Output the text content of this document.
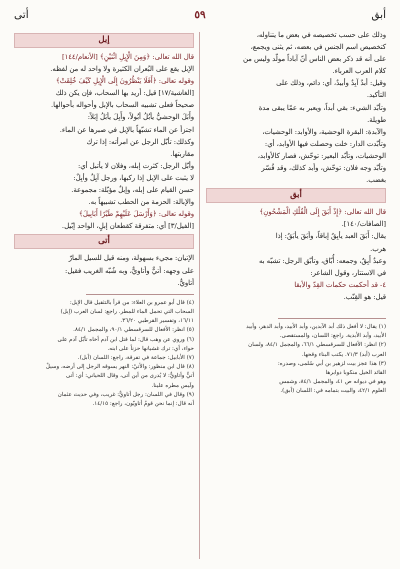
أبق
٥٩
أتى

وذلك على حسب تخصيصه في بعض ما يتناوله،

كتخصيص اسم الجنس في بعضه، ثم يثنى ويجمع،

على أنه قد ذكر بعض الناس أنّ آباداً مولّد وليس من

كلام العرب العرباء.

وقيل: أبدٌ آبِدٌ وأبيدٌ، أي: دائم، وذلك على

التأكيد.

وتأبّد الشيء: بقي أبداً، ويعبر به عمّا يبقى مدة

طويلة.

والآبدة: البقرة الوحشية، والأوابد: الوحشيات،

وتأبّدت الدار: خلت وحصلت فيها الأوابد، أي:

الوحشيات، وتأبّد البعير: توحّش، فصار كالأوابد،

وتأبّد وجه فلان: توحّش، وأبد كذلك، وقد فُسّر

بغضب.

أبق

قال الله تعالى: ﴿إِذْ أَبَقَ إِلَى الْفُلْكِ الْمَشْحُونِ﴾

[الصافات/١٤٠].

يقال: أَبَقَ العبد يأبِقُ إباقاً، وأبَقَ يأبَقُ: إذا

هرب.

وعبدٌ أَبِقٌ، وجمعه: أُبّاق، وتأبّق الرجل: تشبّه به

في الاستتار، وقول الشاعر:

٤- قد أحكمت حكمات القِدّ والأبقا

قيل: هو القِنّب.

(١) يقال: لا أفعل ذلك أبد الآبدين، وأبد الأبيد، وأبد الدهر، وأبيد

الأبيد، وأبد الأبدية. راجع: اللسان، والمستقصى.

(٢) انظر: الأفعال للسرقسطي ٦٦/١، والمجمل ٨٤/١، ولسان

العرب (أبد) ٧١/٣. يكتب البناء وقحها.

(٣) هذا عجز بيت لزهير بن أبي سُلمى، وصدره:

القائد الخيل منكوبا دوابرها

وهو في ديوانه ص ٤١، والمجمل ٨٤/١، وشمس

العلوم ٤٢/١، والبيت بتمامه في: اللسان (أبق).

إبل

قال الله تعالى: ﴿وَمِنَ الْإِبِلِ اثْنَيْنِ﴾ [الأنعام/١٤٤]

الإبل يقع على البُعران الكثيرة ولا واحد له من لفظه.

وقوله تعالى: ﴿أَفَلَا يَنْظُرُونَ إِلَى الْإِبِلِ كَيْفَ خُلِقَتْ﴾

[الغاشية/١٧] قيل: أريد بها السحاب، فإن يكن ذلك

صحيحاً فعلى تشبيه السحاب بالإبل وأحواله بأحوالها.

وأَبَلَ الوحشيُّ يأبُلُ أبُولاً، وأَبِلَ يأبَلُ إبَلاً:

اجتزأ عن الماء تشبّهاً بالإبل في صبرها عن الماء.

وكذلك: تأبّل الرجل عن امرأته: إذا ترك

مقاربتها.

وأبّل الرجل: كثرت إبله، وفلان لا يأتبل أي:

لا يثبت على الإبل إذا ركبها، ورجل آبِلٌ وأبِلٌ:

حسن القيام على إبله، وإبلٌ مؤبّلة: مجموعة.

والإبالة: الحزمة من الحطب تشبيهاً به.

وقوله تعالى: ﴿وَأَرْسَلَ عَلَيْهِمْ طَيْرًا أَبَابِيلَ﴾

[الفيل/٣] أي: متفرقة كقطعان إبلٍ، الواحد إبّيل.

أتى

الإتيان: مجيء بسهولة، ومنه قيل للسيل المارّ

على وجهه: أتيٌّ وأتاويٌّ، وبه شُبّه الغريب فقيل:

أتاويٌّ.

(٤) قال أبو عمرو بن العلاء: من قرأ بالتثقيل قال الإبل:

السحاب التي تحمل الماء للمطر. راجع: لسان العرب (إبل)

١٦/١١، وتفسير القرطبي ٣٦/٢٠.

(٥) انظر: الأفعال للسرقسطي ٩٠/١، والمجمل ٨٤/١.

(٦) وروي عن وهب قال: لما قتل ابن آدم أخاه تأبّل آدم على

حواء، أي: ترك غشيانها حزناً على ابنه.

(٧) الأبابيل: جماعة في تفرقة، راجع: اللسان (أبل).

(٨) قال ابن منظور: والأتيّ: النهر يسوقه الرجل إلى أرضه، وسيلٌ

أتيٌّ وأتاويٌّ: لا يُدرى من أين أتى، وقال اللحياني: أي: أتى

ولَيس مطره علينا.

(٩) وقال في اللسان: رجل أتاويٌّ: غريب، وفي حديث عثمان

أنه قال: إنما نحن قومٌ أتاويّون، راجع: ١٤/١٥.
